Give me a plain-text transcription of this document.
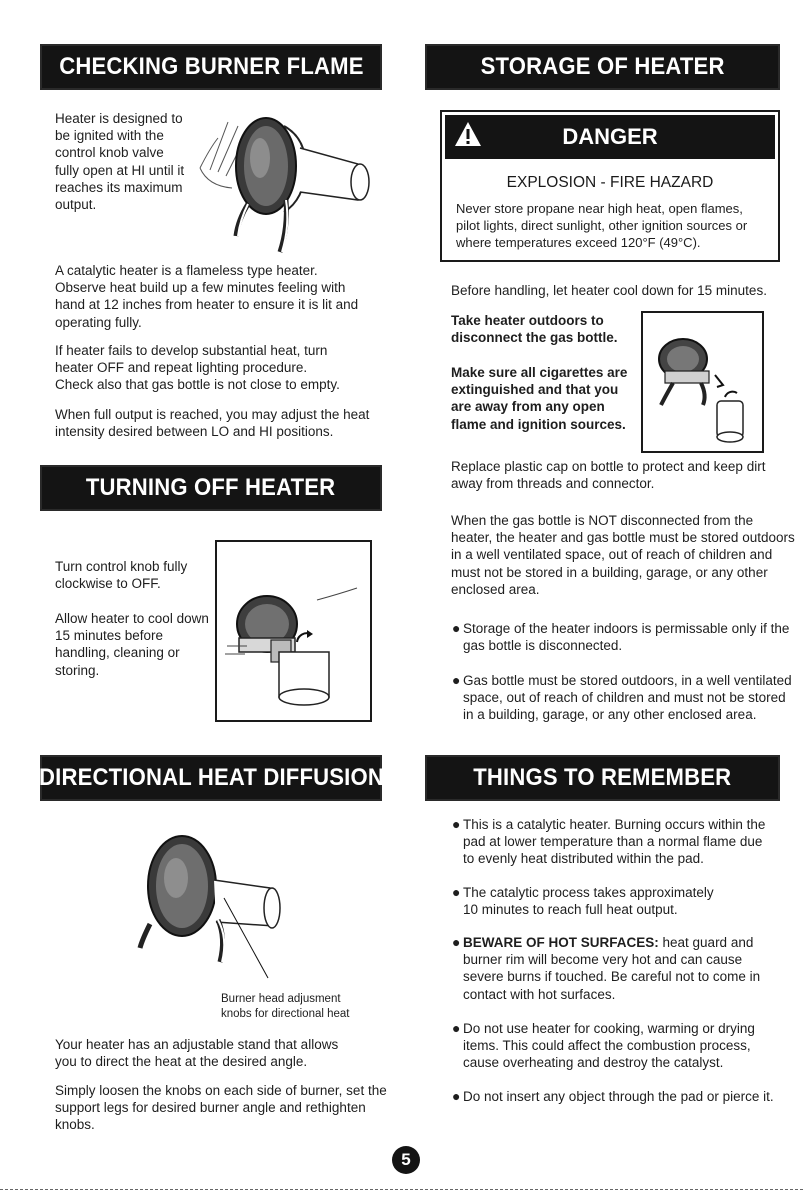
CHECKING BURNER FLAME

Heater is designed to

be ignited with the

control knob valve

fully open at HI until it

reaches its maximum

output.

A catalytic heater is a flameless type heater.

Observe heat build up a few minutes feeling with

hand at 12 inches from heater to ensure it is lit and

operating fully.

If heater fails to develop substantial heat, turn

heater OFF and repeat lighting procedure.

Check also that gas bottle is not close to empty.

When full output is reached, you may adjust the heat

intensity desired between LO and HI positions.

TURNING OFF HEATER

Turn control knob fully

clockwise to OFF.

Allow heater to cool down

15 minutes before

handling, cleaning or

storing.

DIRECTIONAL HEAT DIFFUSION

Burner head adjusment

knobs for directional heat

Your heater has an adjustable stand that allows

you to direct the heat at the desired angle.

Simply loosen the knobs on each side of burner, set the

support legs for desired burner angle and rethighten

knobs.

STORAGE OF HEATER
DANGER
EXPLOSION - FIRE HAZARD

Never store propane near high heat, open flames,

pilot lights, direct sunlight, other ignition sources or

where temperatures exceed 120°F (49°C).

Before handling, let heater cool down for 15 minutes.

Take heater outdoors to

disconnect the gas bottle.

Make sure all cigarettes are

extinguished and that you

are away from any open

flame and ignition sources.

Replace plastic cap on bottle to protect and keep dirt

away from threads and connector.

When the gas bottle is NOT disconnected from the

heater, the heater and gas bottle must be stored outdoors

in a well ventilated space, out of reach of children and

must not be stored in a building, garage, or any other

enclosed area.

● Storage of the heater indoors is permissable only if the

gas bottle is disconnected.

● Gas bottle must be stored outdoors, in a well ventilated

space, out of reach of children and must not be stored

in a building, garage, or any other enclosed area.

THINGS TO REMEMBER
● This is a catalytic heater. Burning occurs within the

pad at lower temperature than a normal flame due

to evenly heat distributed within the pad.

● The catalytic process takes approximately

10 minutes to reach full heat output.

● BEWARE OF HOT SURFACES: heat guard and

burner rim will become very hot and can cause

severe burns if touched. Be careful not to come in

contact with hot surfaces.

● Do not use heater for cooking, warming or drying

items. This could affect the combustion process,

cause overheating and destroy the catalyst.

● Do not insert any object through the pad or pierce it.

5
